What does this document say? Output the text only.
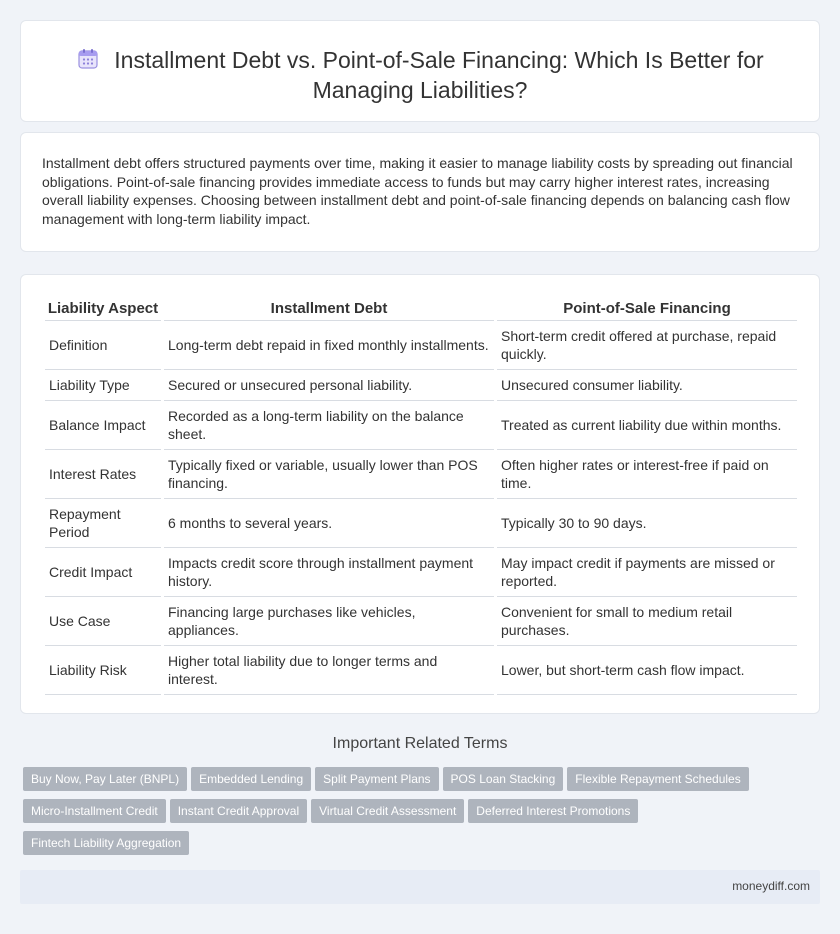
Installment Debt vs. Point-of-Sale Financing: Which Is Better for Managing Liabilities?

Installment debt offers structured payments over time, making it easier to manage liability costs by spreading out financial obligations. Point-of-sale financing provides immediate access to funds but may carry higher interest rates, increasing overall liability expenses. Choosing between installment debt and point-of-sale financing depends on balancing cash flow management with long-term liability impact.

Liability Aspect	Installment Debt	Point-of-Sale Financing
Definition	Long-term debt repaid in fixed monthly installments.	Short-term credit offered at purchase, repaid quickly.
Liability Type	Secured or unsecured personal liability.	Unsecured consumer liability.
Balance Impact	Recorded as a long-term liability on the balance sheet.	Treated as current liability due within months.
Interest Rates	Typically fixed or variable, usually lower than POS financing.	Often higher rates or interest-free if paid on time.
Repayment Period	6 months to several years.	Typically 30 to 90 days.
Credit Impact	Impacts credit score through installment payment history.	May impact credit if payments are missed or reported.
Use Case	Financing large purchases like vehicles, appliances.	Convenient for small to medium retail purchases.
Liability Risk	Higher total liability due to longer terms and interest.	Lower, but short-term cash flow impact.
Important Related Terms
Buy Now, Pay Later (BNPL) Embedded Lending Split Payment Plans POS Loan Stacking Flexible Repayment SchedulesMicro-Installment Credit Instant Credit Approval Virtual Credit Assessment Deferred Interest PromotionsFintech Liability Aggregation
moneydiff.com
